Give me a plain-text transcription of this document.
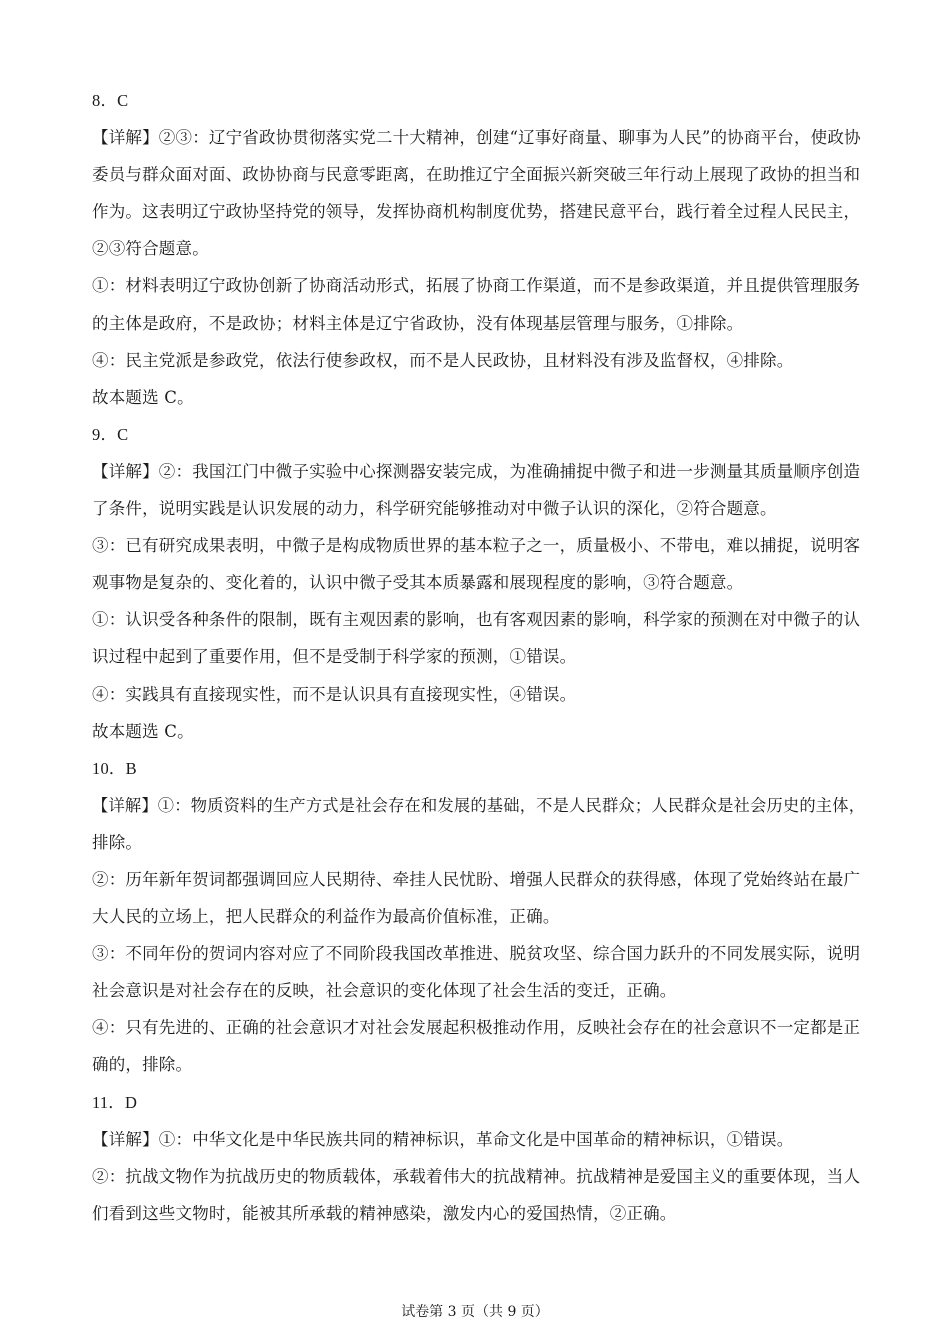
8．C
【详解】②③：辽宁省政协贯彻落实党二十大精神，创建“辽事好商量、聊事为人民”的协商平台，使政协
委员与群众面对面、政协协商与民意零距离，在助推辽宁全面振兴新突破三年行动上展现了政协的担当和
作为。这表明辽宁政协坚持党的领导，发挥协商机构制度优势，搭建民意平台，践行着全过程人民民主，
②③符合题意。
①：材料表明辽宁政协创新了协商活动形式，拓展了协商工作渠道，而不是参政渠道，并且提供管理服务
的主体是政府，不是政协；材料主体是辽宁省政协，没有体现基层管理与服务，①排除。
④：民主党派是参政党，依法行使参政权，而不是人民政协，且材料没有涉及监督权，④排除。
故本题选 C。
9．C
【详解】②：我国江门中微子实验中心探测器安装完成，为准确捕捉中微子和进一步测量其质量顺序创造
了条件，说明实践是认识发展的动力，科学研究能够推动对中微子认识的深化，②符合题意。
③：已有研究成果表明，中微子是构成物质世界的基本粒子之一，质量极小、不带电，难以捕捉，说明客
观事物是复杂的、变化着的，认识中微子受其本质暴露和展现程度的影响，③符合题意。
①：认识受各种条件的限制，既有主观因素的影响，也有客观因素的影响，科学家的预测在对中微子的认
识过程中起到了重要作用，但不是受制于科学家的预测，①错误。
④：实践具有直接现实性，而不是认识具有直接现实性，④错误。
故本题选 C。
10．B
【详解】①：物质资料的生产方式是社会存在和发展的基础，不是人民群众；人民群众是社会历史的主体，
排除。
②：历年新年贺词都强调回应人民期待、牵挂人民忧盼、增强人民群众的获得感，体现了党始终站在最广
大人民的立场上，把人民群众的利益作为最高价值标准，正确。
③：不同年份的贺词内容对应了不同阶段我国改革推进、脱贫攻坚、综合国力跃升的不同发展实际，说明
社会意识是对社会存在的反映，社会意识的变化体现了社会生活的变迁，正确。
④：只有先进的、正确的社会意识才对社会发展起积极推动作用，反映社会存在的社会意识不一定都是正
确的，排除。
11．D
【详解】①：中华文化是中华民族共同的精神标识，革命文化是中国革命的精神标识，①错误。
②：抗战文物作为抗战历史的物质载体，承载着伟大的抗战精神。抗战精神是爱国主义的重要体现，当人
们看到这些文物时，能被其所承载的精神感染，激发内心的爱国热情，②正确。
试卷第 3 页（共 9 页）
